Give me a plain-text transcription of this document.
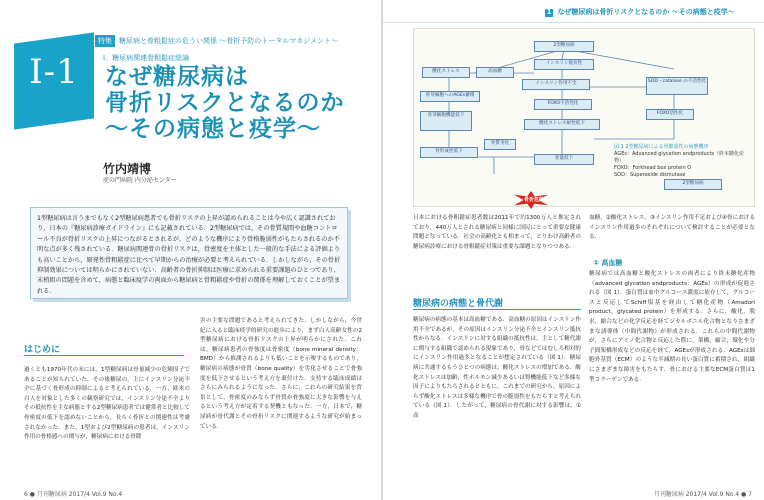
Ⅰ-1
特集 糖尿病と骨粗鬆症の危うい関係 ～骨折予防のトータルマネジメント～
Ⅰ．糖尿病関連骨粗鬆症総論
なぜ糖尿病は
骨折リスクとなるのか
～その病態と疫学～
竹内靖博
虎の門病院 内分泌センター
1型糖尿病は言うまでもなく2型糖尿病患者でも骨折リスクの上昇が認められることは今や広く認識されており，日本の『糖尿病診療ガイドライン』にも記載されている．2型糖尿病では，その骨質規間や血糖コントロール不良が骨折リスクの上昇につながるとされるが，どのような機序により骨格脆弱性がもたらされるのか不明な点が多く残されている．糖尿病関連骨の骨折リスクは，骨密度を主体とした一般的な手法による評価よりも高いことから，原発性骨粗鬆症に比べて早期からの治療が必要と考えられている．しかしながら，その骨折抑制効果については明らかにされていない．高齢者の骨折抑制は医療に求められる重要課題のひとつであり，末梢組の問題を含めて，病態と臨床疫学の両面から糖尿病と骨粗鬆症や骨折の関係を理解しておくことが望まれる．
はじめに
過くとも1970年代の末には，1型糖尿病は骨量減少の危険因子であることが知られていた．その後糖尿の，主にインスリン分泌不全に基づく骨形成の抑制によると考えられている．一方，欧米の白人を対象とした多くの観察研究では，インスリン分泌不全よりその抵抗性を主な病態とする2型糖尿病患者では健常者と比較して骨密度の低下を認めないことから，長らく骨折との関連性は考慮されなかった．また，1型および2型糖尿病の患者は，インスリン作用の骨格感への関与が，糖尿病における骨降
害の主要な問題であると考えられてきた．しかしながら，今世紀に入ると臨床疫学的研究の進歩により，まず白人高齢女性の2型糖尿病における骨折リスクの上昇が明らかにされた．これは，糖尿病患者の骨強度は骨密度（bone mineral density：BMD）から推測されるよりも低いことを示唆するものであり，糖尿病の病態が骨質（bone quality）を劣化させることで骨強度を低下させるという考え方を裏付けた．支持する臨床成績はさらにみられるようになった．さらに，これらの研究結果を背景として，骨密度のみならず骨質が骨強度に大きな影響を与えるという考え方が定着する契機ともなった．一方，日本で，糖尿病が骨代謝とその骨折リスクに関連するような研究が始まっている．
6 ● 月刊糖尿病 2017/4 Vol.9 No.4
1 なぜ糖尿病は骨折リスクとなるのか ～その病態と疫学～
2型糖尿病
インスリン抵抗性
インスリン作用不全
高血糖
酸化ストレス
骨芽細胞ヘのAGEs蓄積
骨芽細胞機能低下
骨形成性低下
骨量低下
2型糖尿病
骨質劣化
FOXO不活性化
酸化ストレス耐性低下
SOD・catalase の不活性化
FOXO活性化
骨折危険性
図 1 2型糖尿病による骨脆弱性の病態機序
AGEs：Advanced glycation endproducts（終末糖化産物）
FOXO：Forkhead box protein O
SOD：Superoxide dismutase
日本における骨粗鬆症患者数は2011年で約1300万人と推定されており，440万人とされる糖尿病と同様に国民にとって重要な健康問題となっている．社会の高齢化とも相まって，とりわけ高齢者の糖尿病診療における骨粗鬆症対策は重要な課題となりつつある．
糖尿病の病態と骨代謝
糖尿病の病態の基本は高血糖である．高血糖の原因はインスリン作用不全であるが，その原因はインスリン分泌不全とインスリン抵抗性からなる．インスリンに対する組織の抵抗性は，主として糖代謝に関与する組織で認められる現象であり，骨などではむしろ相対的にインスリン作用過多となることが想定されている（図 1）．糖尿病に共通するもうひとつの病態は，酸化ストレスの増加である．酸化ストレスは加齢，性ホルモン減少あるいは腎機能低下など多様な因子によりもたらされるとともに，これまでの研究から，原因によらず酸化ストレスは多様な機序で骨の脆弱性をもたらすと考えられている（図 1）．したがって，糖尿病の骨代謝に対する影響は，①高
血糖，②酸化ストレス，③インスリン作用不足および④骨におけるインスリン作用過多のそれぞれについて検討することが必要となる．
① 高血糖
糖尿病では高血糖と酸化ストレスの両者により終末糖化産物（advanced glycation endproducts：AGEs）の形成が促進される（図 1）．蛋白質は血中グルコース濃度に依存して，グルコースと反応してSchiff塩基を経由して糖化産物（Amadori product，glycated protein）を形成する．さらに，酸化，脱水，縮合などの化学反応を経てジカルボニル化合物となりさまざまな誘導体（中間代謝物）が形成される．これらの中間代謝物が，さらにアミノ化合物と反応した際に，架橋，縮合，環化や分子間架橋形成などの反応を経て，AGEsが形成される．AGEsは細胞外基質（ECM）のような半減期の長い蛋白質に蓄積され，組織にさまざまな障害をもたらす．骨における主要なECM蛋白質は1型コラーゲンである．
月刊糖尿病 2017/4 Vol.9 No.4 ● 7
